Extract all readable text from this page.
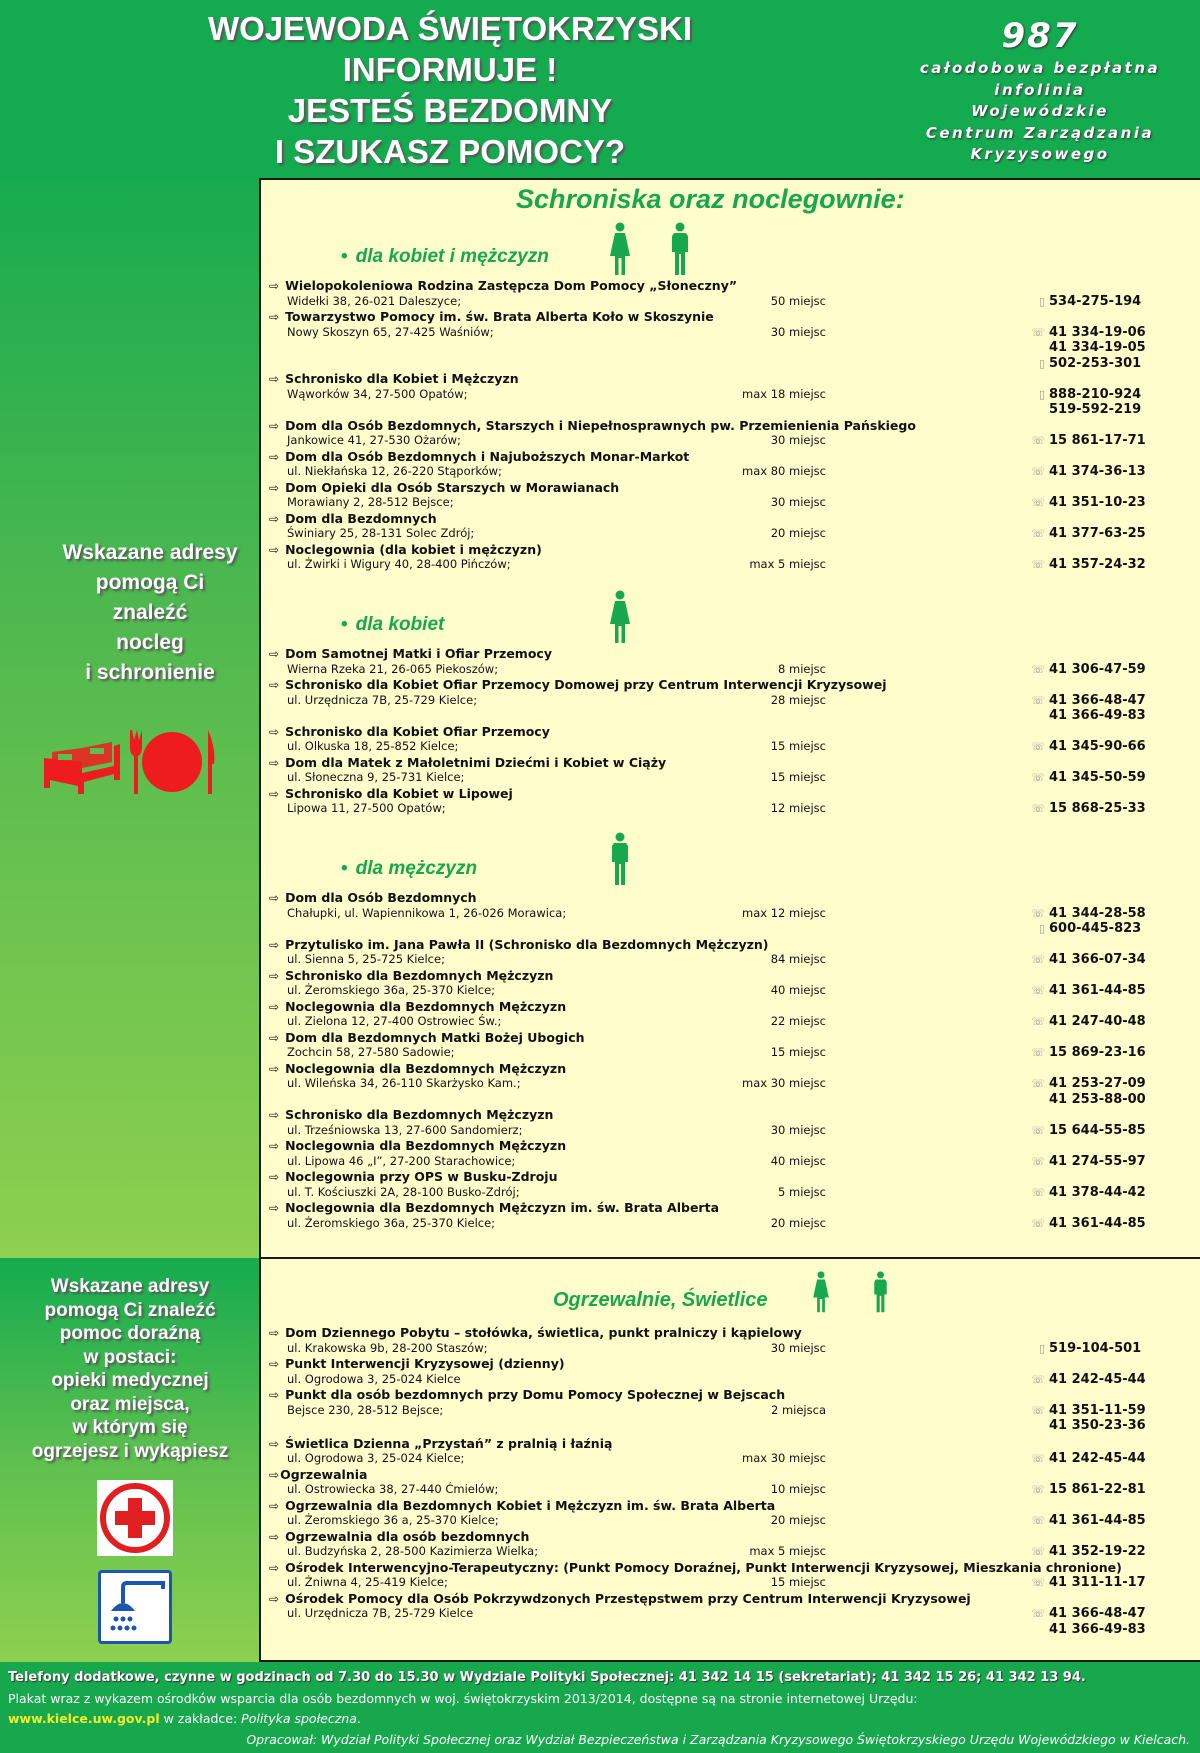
WOJEWODA ŚWIĘTOKRZYSKI
INFORMUJE !
JESTEŚ BEZDOMNY
I SZUKASZ POMOCY?
987
całodobowa bezpłatna
infolinia
Wojewódzkie
Centrum Zarządzania
Kryzysowego
Wskazane adresy
pomogą Ci
znaleźć
nocleg
i schronienie
Wskazane adresy
pomogą Ci znaleźć
pomoc doraźną
w postaci:
opieki medycznej
oraz miejsca,
w którym się
ogrzejesz i wykąpiesz
Schroniska oraz noclegownie:
• dla kobiet i mężczyzn
⇨ Wielopokoleniowa Rodzina Zastępcza Dom Pomocy „Słoneczny”
Widełki 38, 26-021 Daleszyce;	50 miejsc	▯ 534-275-194
⇨ Towarzystwo Pomocy im. św. Brata Alberta Koło w Skoszynie
Nowy Skoszyn 65, 27-425 Waśniów;	30 miejsc	☏ 41 334-19-06
41 334-19-05
▯ 502-253-301
⇨ Schronisko dla Kobiet i Mężczyzn
Wąworków 34, 27-500 Opatów;	max 18 miejsc	▯ 888-210-924
519-592-219
⇨ Dom dla Osób Bezdomnych, Starszych i Niepełnosprawnych pw. Przemienienia Pańskiego
Jankowice 41, 27-530 Ożarów;	30 miejsc	☏ 15 861-17-71
⇨ Dom dla Osób Bezdomnych i Najuboższych Monar-Markot
ul. Niekłańska 12, 26-220 Stąporków;	max 80 miejsc	☏ 41 374-36-13
⇨ Dom Opieki dla Osób Starszych w Morawianach
Morawiany 2, 28-512 Bejsce;	30 miejsc	☏ 41 351-10-23
⇨ Dom dla Bezdomnych
Świniary 25, 28-131 Solec Zdrój;	20 miejsc	☏ 41 377-63-25
⇨ Noclegownia (dla kobiet i mężczyzn)
ul. Żwirki i Wigury 40, 28-400 Pińczów;	max 5 miejsc	☏ 41 357-24-32
• dla kobiet
⇨ Dom Samotnej Matki i Ofiar Przemocy
Wierna Rzeka 21, 26-065 Piekoszów;	8 miejsc	☏ 41 306-47-59
⇨ Schronisko dla Kobiet Ofiar Przemocy Domowej przy Centrum Interwencji Kryzysowej
ul. Urzędnicza 7B, 25-729 Kielce;	28 miejsc	☏ 41 366-48-47
41 366-49-83
⇨ Schronisko dla Kobiet Ofiar Przemocy
ul. Olkuska 18, 25-852 Kielce;	15 miejsc	☏ 41 345-90-66
⇨ Dom dla Matek z Małoletnimi Dziećmi i Kobiet w Ciąży
ul. Słoneczna 9, 25-731 Kielce;	15 miejsc	☏ 41 345-50-59
⇨ Schronisko dla Kobiet w Lipowej
Lipowa 11, 27-500 Opatów;	12 miejsc	☏ 15 868-25-33
• dla mężczyzn
⇨ Dom dla Osób Bezdomnych
Chałupki, ul. Wapiennikowa 1, 26-026 Morawica;	max 12 miejsc	☏ 41 344-28-58
▯ 600-445-823
⇨ Przytulisko im. Jana Pawła II (Schronisko dla Bezdomnych Mężczyzn)
ul. Sienna 5, 25-725 Kielce;	84 miejsc	☏ 41 366-07-34
⇨ Schronisko dla Bezdomnych Mężczyzn
ul. Żeromskiego 36a, 25-370 Kielce;	40 miejsc	☏ 41 361-44-85
⇨ Noclegownia dla Bezdomnych Mężczyzn
ul. Zielona 12, 27-400 Ostrowiec Św.;	22 miejsc	☏ 41 247-40-48
⇨ Dom dla Bezdomnych Matki Bożej Ubogich
Zochcin 58, 27-580 Sadowie;	15 miejsc	☏ 15 869-23-16
⇨ Noclegownia dla Bezdomnych Mężczyzn
ul. Wileńska 34, 26-110 Skarżysko Kam.;	max 30 miejsc	☏ 41 253-27-09
41 253-88-00
⇨ Schronisko dla Bezdomnych Mężczyzn
ul. Trześniowska 13, 27-600 Sandomierz;	30 miejsc	☏ 15 644-55-85
⇨ Noclegownia dla Bezdomnych Mężczyzn
ul. Lipowa 46 „I”, 27-200 Starachowice;	40 miejsc	☏ 41 274-55-97
⇨ Noclegownia przy OPS w Busku-Zdroju
ul. T. Kościuszki 2A, 28-100 Busko-Zdrój;	5 miejsc	☏ 41 378-44-42
⇨ Noclegownia dla Bezdomnych Mężczyzn im. św. Brata Alberta
ul. Żeromskiego 36a, 25-370 Kielce;	20 miejsc	☏ 41 361-44-85
Ogrzewalnie, Świetlice
⇨ Dom Dziennego Pobytu – stołówka, świetlica, punkt pralniczy i kąpielowy
ul. Krakowska 9b, 28-200 Staszów;	30 miejsc	▯ 519-104-501
⇨ Punkt Interwencji Kryzysowej (dzienny)
ul. Ogrodowa 3, 25-024 Kielce	☏ 41 242-45-44
⇨ Punkt dla osób bezdomnych przy Domu Pomocy Społecznej w Bejscach
Bejsce 230, 28-512 Bejsce;	2 miejsca	☏ 41 351-11-59
41 350-23-36
⇨ Świetlica Dzienna „Przystań” z pralnią i łaźnią
ul. Ogrodowa 3, 25-024 Kielce;	max 30 miejsc	☏ 41 242-45-44
⇨Ogrzewalnia
ul. Ostrowiecka 38, 27-440 Ćmielów;	10 miejsc	☏ 15 861-22-81
⇨ Ogrzewalnia dla Bezdomnych Kobiet i Mężczyzn im. św. Brata Alberta
ul. Żeromskiego 36 a, 25-370 Kielce;	20 miejsc	☏ 41 361-44-85
⇨ Ogrzewalnia dla osób bezdomnych
ul. Budzyńska 2, 28-500 Kazimierza Wielka;	max 5 miejsc	☏ 41 352-19-22
⇨ Ośrodek Interwencyjno-Terapeutyczny: (Punkt Pomocy Doraźnej, Punkt Interwencji Kryzysowej, Mieszkania chronione)
ul. Żniwna 4, 25-419 Kielce;	15 miejsc	☏ 41 311-11-17
⇨ Ośrodek Pomocy dla Osób Pokrzywdzonych Przestępstwem przy Centrum Interwencji Kryzysowej
ul. Urzędnicza 7B, 25-729 Kielce	☏ 41 366-48-47
41 366-49-83
Telefony dodatkowe, czynne w godzinach od 7.30 do 15.30 w Wydziale Polityki Społecznej: 41 342 14 15 (sekretariat); 41 342 15 26; 41 342 13 94.
Plakat wraz z wykazem ośrodków wsparcia dla osób bezdomnych w woj. świętokrzyskim 2013/2014, dostępne są na stronie internetowej Urzędu:
www.kielce.uw.gov.pl w zakładce: Polityka społeczna.
Opracował: Wydział Polityki Społecznej oraz Wydział Bezpieczeństwa i Zarządzania Kryzysowego Świętokrzyskiego Urzędu Wojewódzkiego w Kielcach.
